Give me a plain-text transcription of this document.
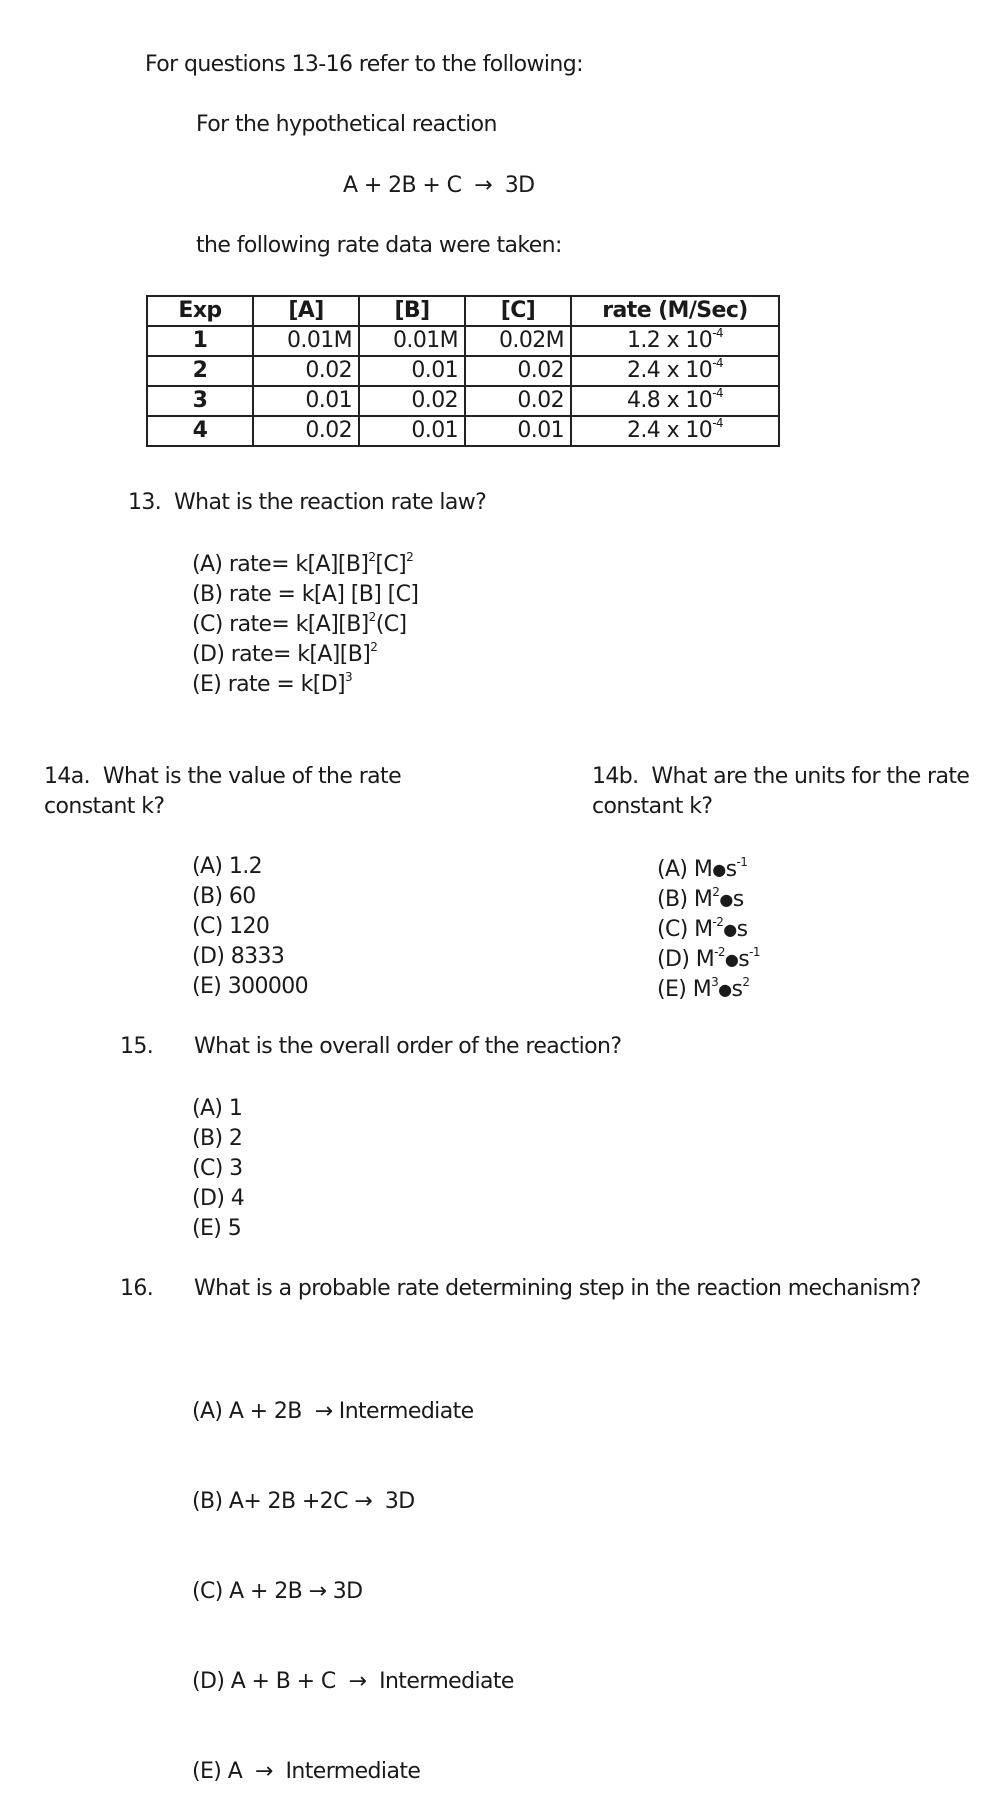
For questions 13-16 refer to the following:
For the hypothetical reaction
A + 2B + C  →  3D
the following rate data were taken:
Exp	[A]	[B]	[C]	rate (M/Sec)
1	0.01M	0.01M	0.02M	1.2 x $10^{-4}$
2	0.02	0.01	0.02	2.4 x $10^{-4}$
3	0.01	0.02	0.02	4.8 x $10^{-4}$
4	0.02	0.01	0.01	2.4 x $10^{-4}$
13. What is the reaction rate law?
(A) rate= $k[A][B]^2[C]^2$
(B) rate = k[A] [B] [C]
(C) rate= $k[A][B]^2(C]$
(D) rate= $k[A][B]^2$
(E) rate = $k[D]^3$
14a. What is the value of the rate
constant k?
(A) 1.2
(B) 60
(C) 120
(D) 8333
(E) 300000
14b. What are the units for the rate
constant k?
(A) $M●s^{-1}$
(B) $M^2●s$
(C) $M^{-2}●s$
(D) $M^{-2}●s^{-1}$
(E) $M^3●s^2$
15. What is the overall order of the reaction?
(A) 1
(B) 2
(C) 3
(D) 4
(E) 5
16. What is a probable rate determining step in the reaction mechanism?

(A) A + 2B  → Intermediate

(B) A+ 2B +2C →  3D

(C) A + 2B → 3D

(D) A + B + C  →  Intermediate

(E) A  →  Intermediate
